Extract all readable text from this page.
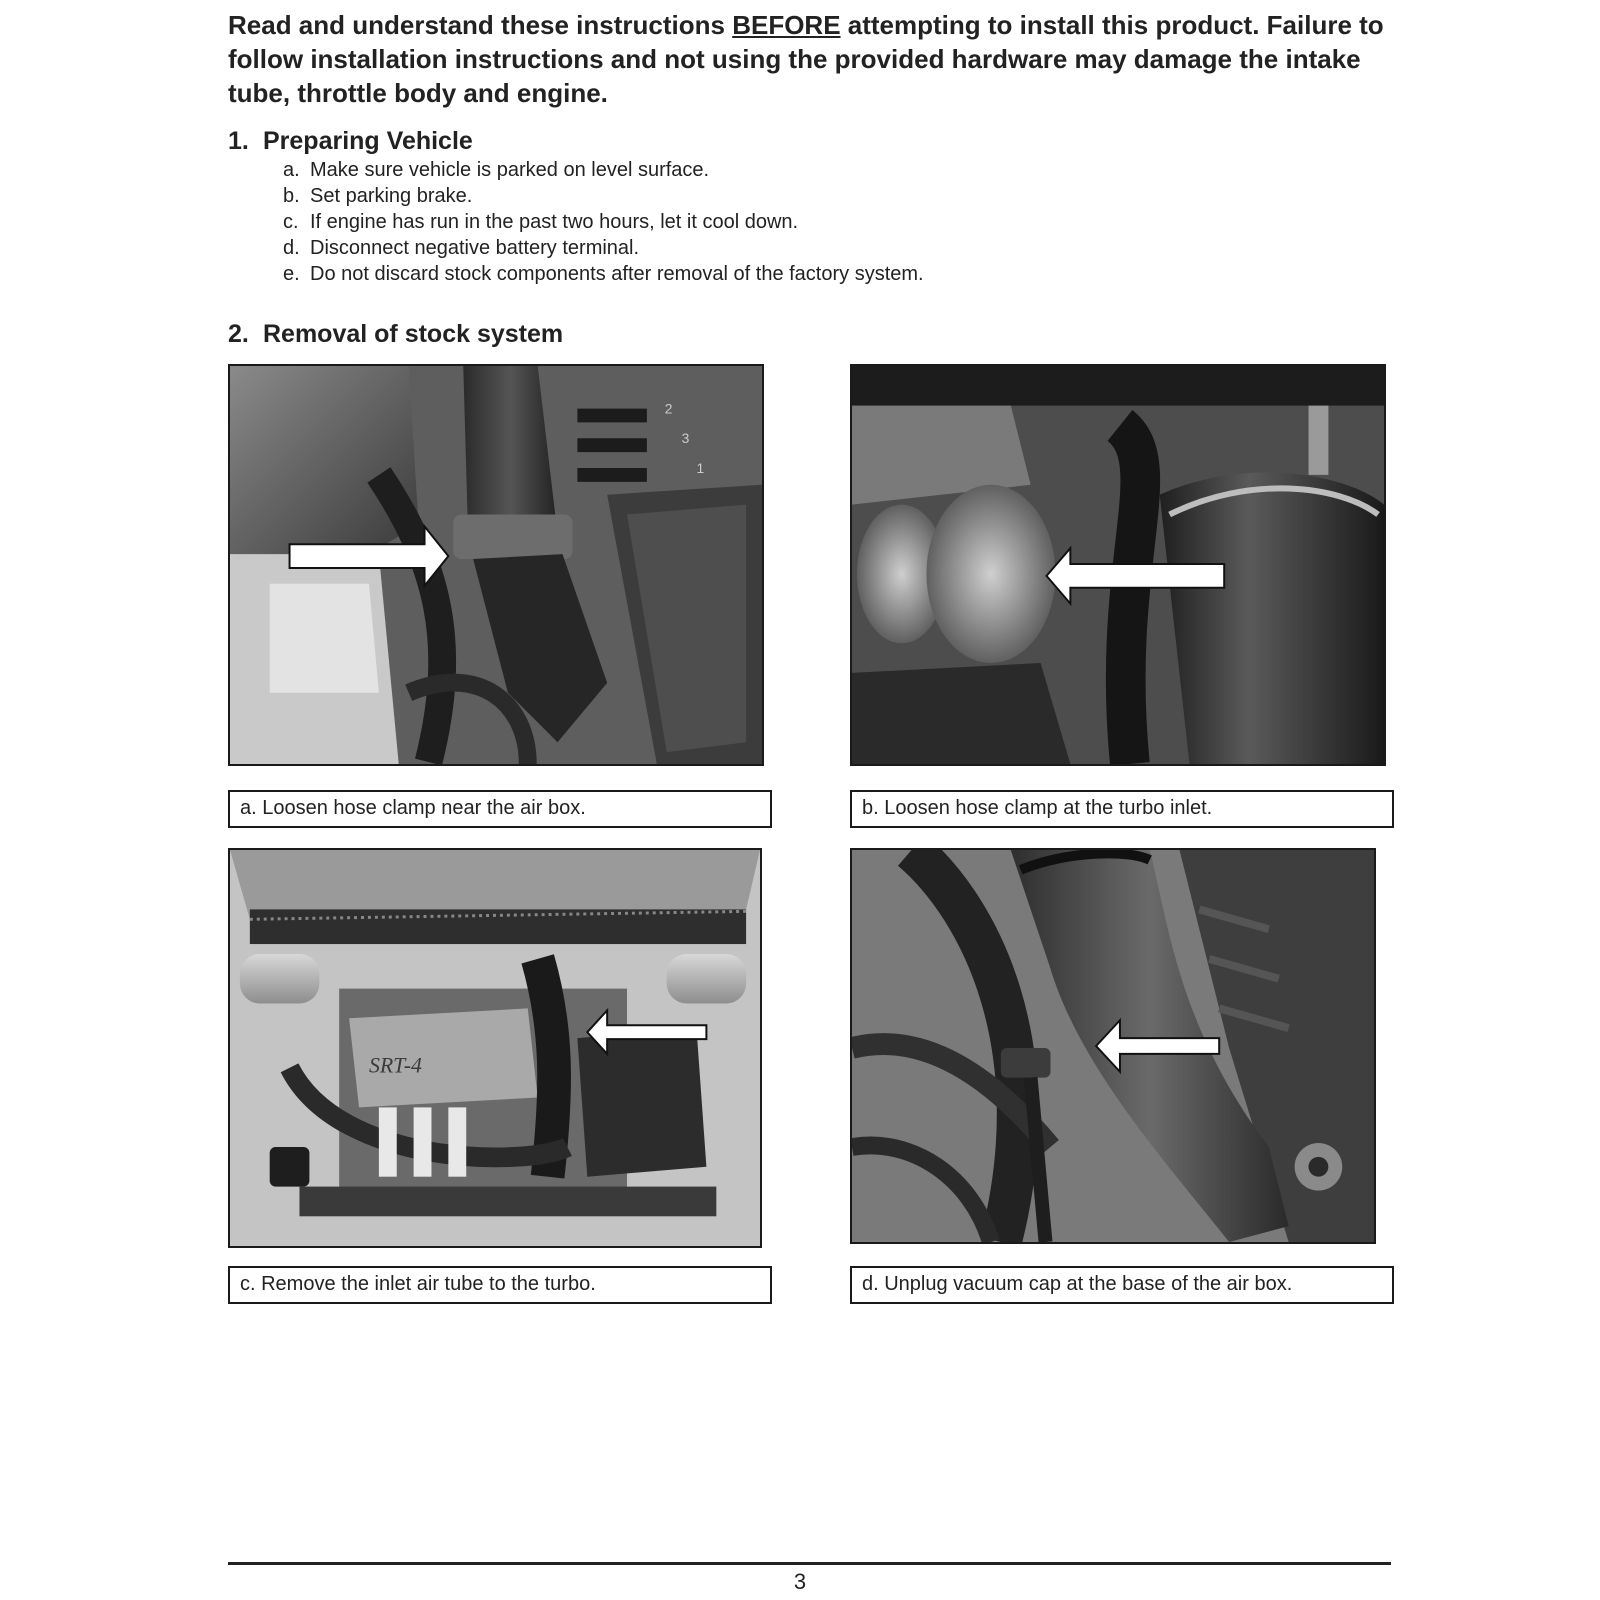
Read and understand these instructions BEFORE attempting to install this product. Failure to follow installation instructions and not using the provided hardware may damage the intake tube, throttle body and engine.
1. Preparing Vehicle
a. Make sure vehicle is parked on level surface.
b. Set parking brake.
c. If engine has run in the past two hours, let it cool down.
d. Disconnect negative battery terminal.
e. Do not discard stock components after removal of the factory system.
2. Removal of stock system
2
3
1
a. Loosen hose clamp near the air box.	b. Loosen hose clamp at the turbo inlet.
SRT-4
c. Remove the inlet air tube to the turbo.	d. Unplug vacuum cap at the base of the air box.
3
